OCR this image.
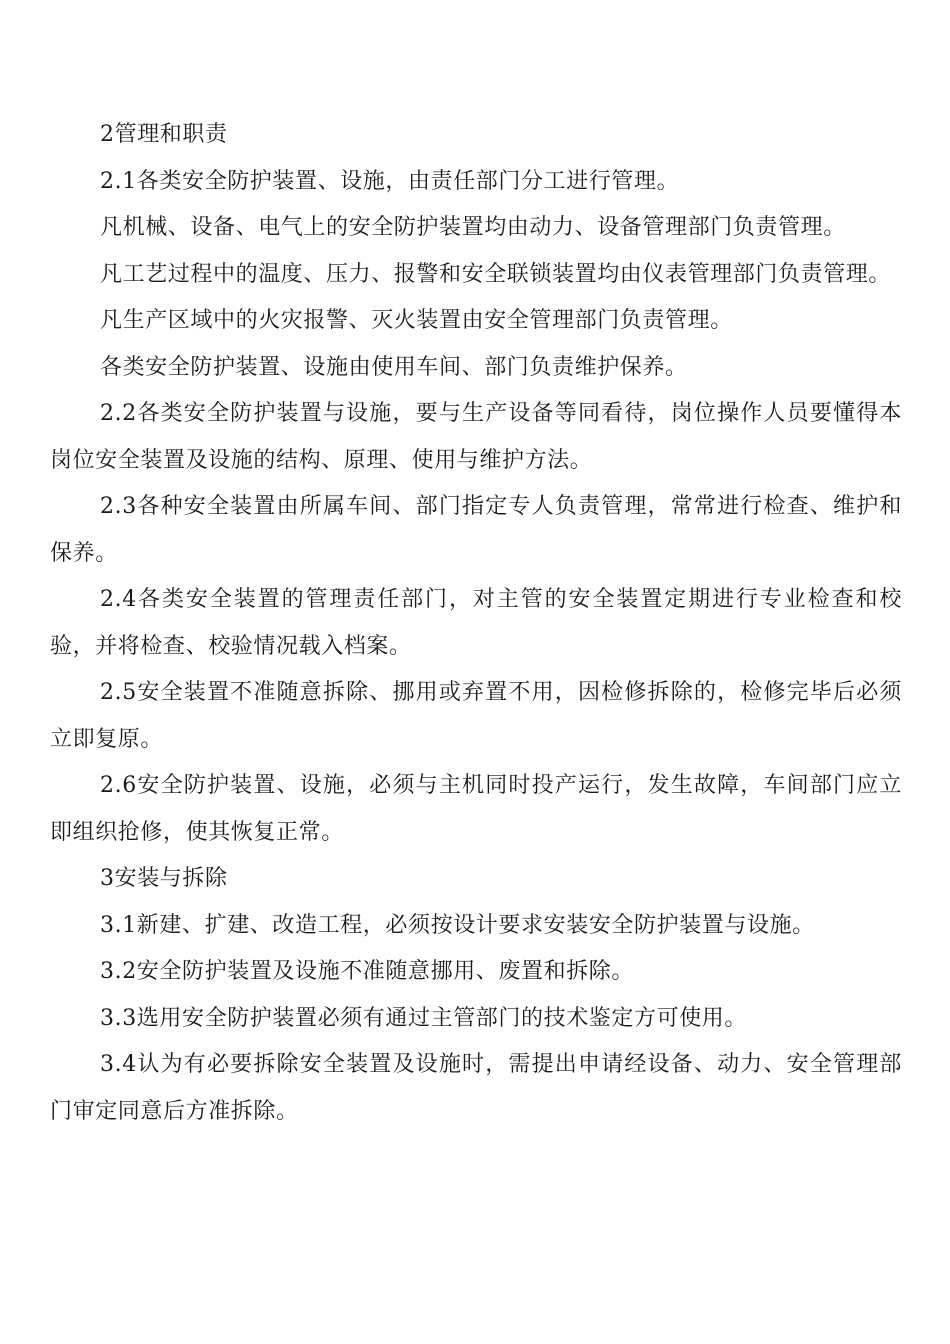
2管理和职责

2.1各类安全防护装置、设施，由责任部门分工进行管理。

凡机械、设备、电气上的安全防护装置均由动力、设备管理部门负责管理。

凡工艺过程中的温度、压力、报警和安全联锁装置均由仪表管理部门负责管理。

凡生产区域中的火灾报警、灭火装置由安全管理部门负责管理。

各类安全防护装置、设施由使用车间、部门负责维护保养。

2.2各类安全防护装置与设施，要与生产设备等同看待，岗位操作人员要懂得本岗位安全装置及设施的结构、原理、使用与维护方法。

2.3各种安全装置由所属车间、部门指定专人负责管理，常常进行检查、维护和保养。

2.4各类安全装置的管理责任部门，对主管的安全装置定期进行专业检查和校验，并将检查、校验情况载入档案。

2.5安全装置不准随意拆除、挪用或弃置不用，因检修拆除的，检修完毕后必须立即复原。

2.6安全防护装置、设施，必须与主机同时投产运行，发生故障，车间部门应立即组织抢修，使其恢复正常。

3安装与拆除

3.1新建、扩建、改造工程，必须按设计要求安装安全防护装置与设施。

3.2安全防护装置及设施不准随意挪用、废置和拆除。

3.3选用安全防护装置必须有通过主管部门的技术鉴定方可使用。

3.4认为有必要拆除安全装置及设施时，需提出申请经设备、动力、安全管理部门审定同意后方准拆除。
